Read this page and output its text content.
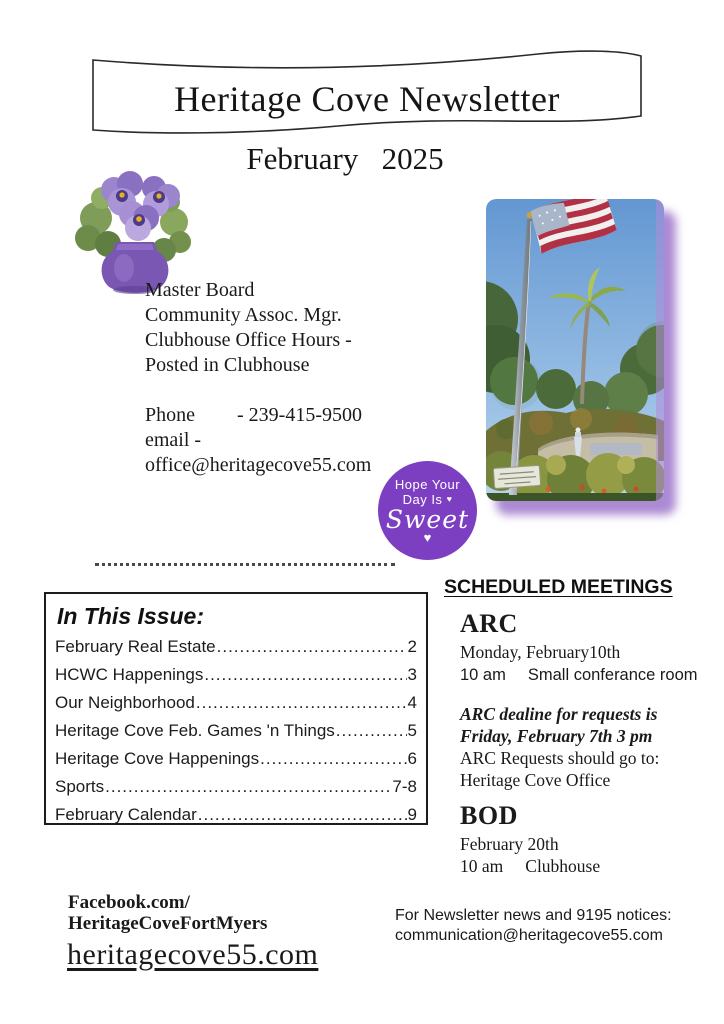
Heritage Cove Newsletter
February   2025
Master Board
Community Assoc. Mgr.
Clubhouse Office Hours -
Posted in Clubhouse
Phone - 239-415-9500
email -
office@heritagecove55.com
Hope Your
Day Is ♥
Sweet
♥
In This Issue:
February Real Estate .....	2
HCWC Happenings .....	3
Our Neighborhood .....	4
Heritage Cove Feb. Games 'n Things .....	5
Heritage Cove Happenings .....	6
Sports .....	7-8
February Calendar .....	9
SCHEDULED MEETINGS
ARC
Monday, February10th
10 am Small conferance room
ARC dealine for requests is
Friday, February 7th 3 pm
ARC Requests should go to:
Heritage Cove Office
BOD
February 20th
10 am Clubhouse
Facebook.com/
HeritageCoveFortMyers
heritagecove55.com
For Newsletter news and 9195 notices:
communication@heritagecove55.com
